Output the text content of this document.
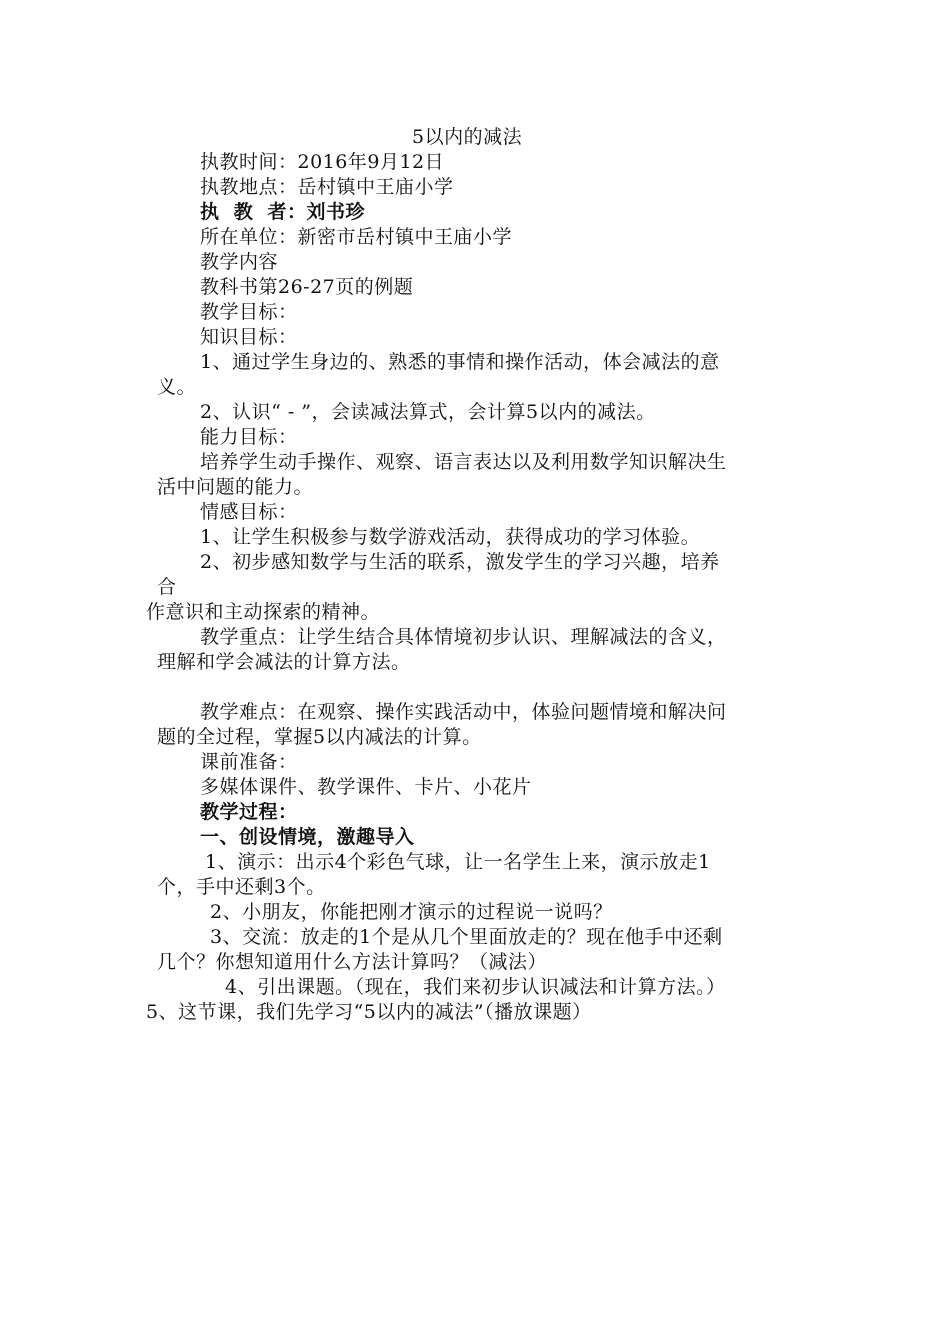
5以内的减法
执教时间：2016年9月12日
执教地点：岳村镇中王庙小学
执  教  者：刘书珍
所在单位：新密市岳村镇中王庙小学
教学内容
教科书第26-27页的例题
教学目标：
知识目标：
1、通过学生身边的、熟悉的事情和操作活动，体会减法的意
义。
2、认识“ - ”，会读减法算式，会计算5以内的减法。
能力目标：
培养学生动手操作、观察、语言表达以及利用数学知识解决生
活中问题的能力。
情感目标：
1、让学生积极参与数学游戏活动，获得成功的学习体验。
2、初步感知数学与生活的联系，激发学生的学习兴趣，培养
合
作意识和主动探索的精神。
教学重点：让学生结合具体情境初步认识、理解减法的含义，
理解和学会减法的计算方法。
教学难点：在观察、操作实践活动中，体验问题情境和解决问
题的全过程，掌握5以内减法的计算。
课前准备：
多媒体课件、教学课件、卡片、小花片
教学过程：
一、创设情境，激趣导入
1、演示：出示4个彩色气球，让一名学生上来，演示放走1
个，手中还剩3个。
2、小朋友，你能把刚才演示的过程说一说吗？
3、交流：放走的1个是从几个里面放走的？现在他手中还剩
几个？你想知道用什么方法计算吗？（减法）
4、引出课题。（现在，我们来初步认识减法和计算方法。）
5、这节课，我们先学习“5以内的减法”（播放课题）
